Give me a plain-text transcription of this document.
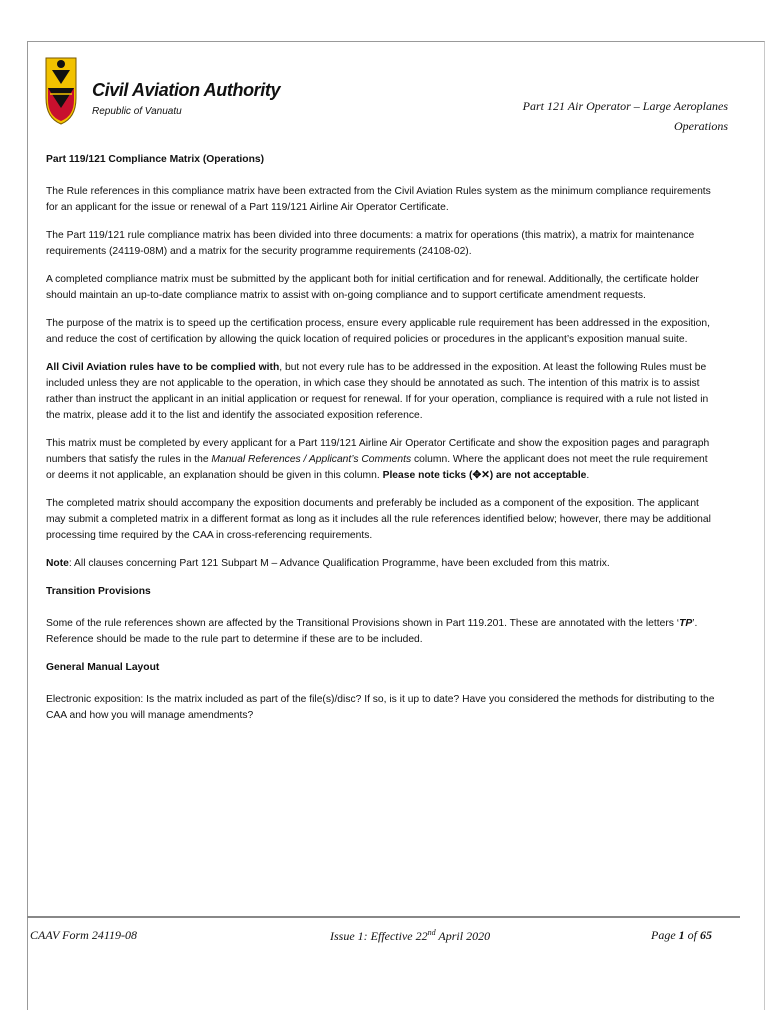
Civil Aviation Authority
Republic of Vanuatu	Part 121 Air Operator – Large Aeroplanes
Operations

Part 119/121 Compliance Matrix (Operations)

The Rule references in this compliance matrix have been extracted from the Civil Aviation Rules system as the minimum compliance requirements for an applicant for the issue or renewal of a Part 119/121 Airline Air Operator Certificate.

The Part 119/121 rule compliance matrix has been divided into three documents: a matrix for operations (this matrix), a matrix for maintenance requirements (24119-08M) and a matrix for the security programme requirements (24108-02).

A completed compliance matrix must be submitted by the applicant both for initial certification and for renewal. Additionally, the certificate holder should maintain an up-to-date compliance matrix to assist with on-going compliance and to support certificate amendment requests.

The purpose of the matrix is to speed up the certification process, ensure every applicable rule requirement has been addressed in the exposition, and reduce the cost of certification by allowing the quick location of required policies or procedures in the applicant’s exposition manual suite.

All Civil Aviation rules have to be complied with, but not every rule has to be addressed in the exposition. At least the following Rules must be included unless they are not applicable to the operation, in which case they should be annotated as such. The intention of this matrix is to assist rather than instruct the applicant in an initial application or request for renewal. If for your operation, compliance is required with a rule not listed in the matrix, please add it to the list and identify the associated exposition reference.

This matrix must be completed by every applicant for a Part 119/121 Airline Air Operator Certificate and show the exposition pages and paragraph numbers that satisfy the rules in the Manual References / Applicant’s Comments column. Where the applicant does not meet the rule requirement or deems it not applicable, an explanation should be given in this column. Please note ticks (✥✕) are not acceptable.

The completed matrix should accompany the exposition documents and preferably be included as a component of the exposition. The applicant may submit a completed matrix in a different format as long as it includes all the rule references identified below; however, there may be additional processing time required by the CAA in cross-referencing requirements.

Note: All clauses concerning Part 121 Subpart M – Advance Qualification Programme, have been excluded from this matrix.

Transition Provisions

Some of the rule references shown are affected by the Transitional Provisions shown in Part 119.201. These are annotated with the letters ‘TP’. Reference should be made to the rule part to determine if these are to be included.

General Manual Layout

Electronic exposition: Is the matrix included as part of the file(s)/disc? If so, is it up to date? Have you considered the methods for distributing to the CAA and how you will manage amendments?

CAAV Form 24119-08	Issue 1: Effective 22nd April 2020	Page 1 of 65
